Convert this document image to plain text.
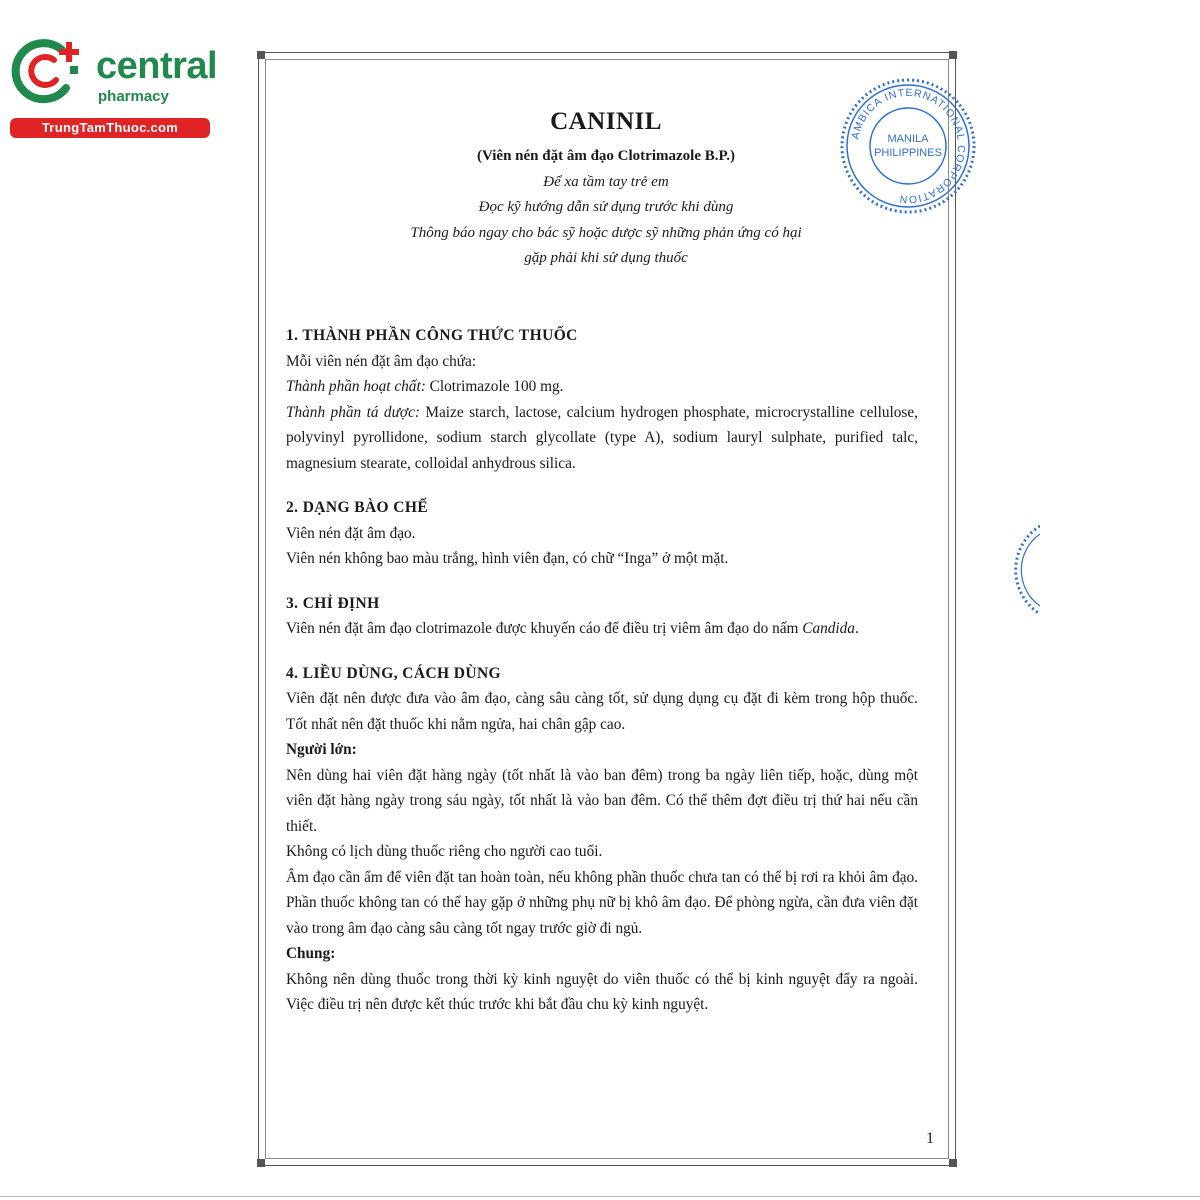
central
pharmacy
TrungTamThuoc.com
AMBICA INTERNATIONAL CORPORATION
MANILA
PHILIPPINES
CANINIL
(Viên nén đặt âm đạo Clotrimazole B.P.)
Để xa tầm tay trẻ em
Đọc kỹ hướng dẫn sử dụng trước khi dùng
Thông báo ngay cho bác sỹ hoặc dược sỹ những phản ứng có hại
gặp phải khi sử dụng thuốc

1. THÀNH PHẦN CÔNG THỨC THUỐC

Mỗi viên nén đặt âm đạo chứa:

Thành phần hoạt chất: Clotrimazole 100 mg.

Thành phần tá dược: Maize starch, lactose, calcium hydrogen phosphate, microcrystalline cellulose, polyvinyl pyrollidone, sodium starch glycollate (type A), sodium lauryl sulphate, purified talc, magnesium stearate, colloidal anhydrous silica.

2. DẠNG BÀO CHẾ

Viên nén đặt âm đạo.

Viên nén không bao màu trắng, hình viên đạn, có chữ “Inga” ở một mặt.

3. CHỈ ĐỊNH

Viên nén đặt âm đạo clotrimazole được khuyến cáo để điều trị viêm âm đạo do nấm Candida.

4. LIỀU DÙNG, CÁCH DÙNG

Viên đặt nên được đưa vào âm đạo, càng sâu càng tốt, sử dụng dụng cụ đặt đi kèm trong hộp thuốc. Tốt nhất nên đặt thuốc khi nằm ngửa, hai chân gập cao.

Người lớn:

Nên dùng hai viên đặt hàng ngày (tốt nhất là vào ban đêm) trong ba ngày liên tiếp, hoặc, dùng một viên đặt hàng ngày trong sáu ngày, tốt nhất là vào ban đêm. Có thể thêm đợt điều trị thứ hai nếu cần thiết.

Không có lịch dùng thuốc riêng cho người cao tuổi.

Âm đạo cần ẩm để viên đặt tan hoàn toàn, nếu không phần thuốc chưa tan có thể bị rơi ra khỏi âm đạo. Phần thuốc không tan có thể hay gặp ở những phụ nữ bị khô âm đạo. Để phòng ngừa, cần đưa viên đặt vào trong âm đạo càng sâu càng tốt ngay trước giờ đi ngủ.

Chung:

Không nên dùng thuốc trong thời kỳ kinh nguyệt do viên thuốc có thể bị kinh nguyệt đẩy ra ngoài. Việc điều trị nên được kết thúc trước khi bắt đầu chu kỳ kinh nguyệt.

1
